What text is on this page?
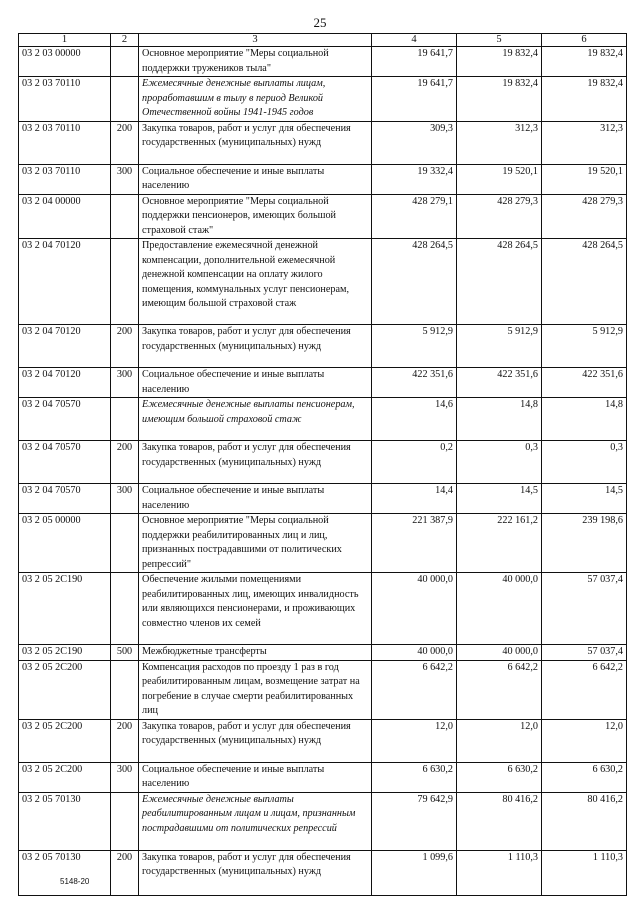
25
1	2	3	4	5	6
03 2 03 00000		Основное мероприятие "Меры социальной поддержки тружеников тыла"	19 641,7	19 832,4	19 832,4
03 2 03 70110		Ежемесячные денежные выплаты лицам, проработавшим в тылу в период Великой Отечественной войны 1941-1945 годов	19 641,7	19 832,4	19 832,4
03 2 03 70110	200	Закупка товаров, работ и услуг для обеспечения государственных (муниципальных) нужд	309,3	312,3	312,3
03 2 03 70110	300	Социальное обеспечение и иные выплаты населению	19 332,4	19 520,1	19 520,1
03 2 04 00000		Основное мероприятие "Меры социальной поддержки пенсионеров, имеющих большой страховой стаж"	428 279,1	428 279,3	428 279,3
03 2 04 70120		Предоставление ежемесячной денежной компенсации, дополнительной ежемесячной денежной компенсации на оплату жилого помещения, коммунальных услуг пенсионерам, имеющим большой страховой стаж	428 264,5	428 264,5	428 264,5
03 2 04 70120	200	Закупка товаров, работ и услуг для обеспечения государственных (муниципальных) нужд	5 912,9	5 912,9	5 912,9
03 2 04 70120	300	Социальное обеспечение и иные выплаты населению	422 351,6	422 351,6	422 351,6
03 2 04 70570		Ежемесячные денежные выплаты пенсионерам, имеющим большой страховой стаж	14,6	14,8	14,8
03 2 04 70570	200	Закупка товаров, работ и услуг для обеспечения государственных (муниципальных) нужд	0,2	0,3	0,3
03 2 04 70570	300	Социальное обеспечение и иные выплаты населению	14,4	14,5	14,5
03 2 05 00000		Основное мероприятие "Меры социальной поддержки реабилитированных лиц и лиц, признанных пострадавшими от политических репрессий"	221 387,9	222 161,2	239 198,6
03 2 05 2С190		Обеспечение жилыми помещениями реабилитированных лиц, имеющих инвалидность или являющихся пенсионерами, и проживающих совместно членов их семей	40 000,0	40 000,0	57 037,4
03 2 05 2С190	500	Межбюджетные трансферты	40 000,0	40 000,0	57 037,4
03 2 05 2С200		Компенсация расходов по проезду 1 раз в год реабилитированным лицам, возмещение затрат на погребение в случае смерти реабилитированных лиц	6 642,2	6 642,2	6 642,2
03 2 05 2С200	200	Закупка товаров, работ и услуг для обеспечения государственных (муниципальных) нужд	12,0	12,0	12,0
03 2 05 2С200	300	Социальное обеспечение и иные выплаты населению	6 630,2	6 630,2	6 630,2
03 2 05 70130		Ежемесячные денежные выплаты реабилитированным лицам и лицам, признанным пострадавшими от политических репрессий	79 642,9	80 416,2	80 416,2
03 2 05 70130	200	Закупка товаров, работ и услуг для обеспечения государственных (муниципальных) нужд	1 099,6	1 110,3	1 110,3
5148-20
